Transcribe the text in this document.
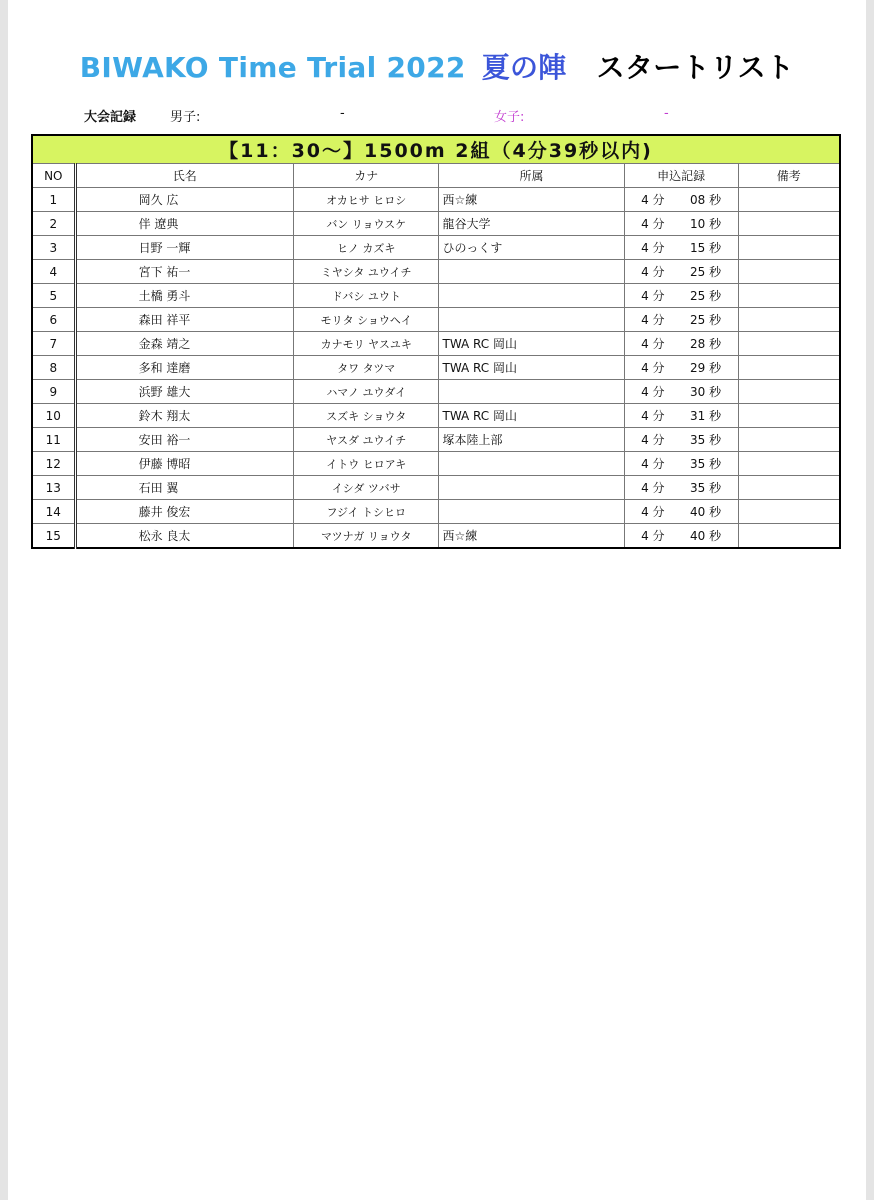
BIWAKO Time Trial 2022 夏の陣 スタートリスト
大会記録	男子:	-	女子:	-
【11：30～】1500m 2組（4分39秒以内)					
NO	氏名	カナ	所属	申込記録	備考
1	岡久 広	オカヒサ ヒロシ	西☆練	4 分 08 秒	
2	伴 遼典	バン リョウスケ	龍谷大学	4 分 10 秒	
3	日野 一輝	ヒノ カズキ	ひのっくす	4 分 15 秒	
4	宮下 祐一	ミヤシタ ユウイチ		4 分 25 秒	
5	土橋 勇斗	ドバシ ユウト		4 分 25 秒	
6	森田 祥平	モリタ ショウヘイ		4 分 25 秒	
7	金森 靖之	カナモリ ヤスユキ	TWA RC 岡山	4 分 28 秒	
8	多和 達磨	タワ タツマ	TWA RC 岡山	4 分 29 秒	
9	浜野 雄大	ハマノ ユウダイ		4 分 30 秒	
10	鈴木 翔太	スズキ ショウタ	TWA RC 岡山	4 分 31 秒	
11	安田 裕一	ヤスダ ユウイチ	塚本陸上部	4 分 35 秒	
12	伊藤 博昭	イトウ ヒロアキ		4 分 35 秒	
13	石田 翼	イシダ ツバサ		4 分 35 秒	
14	藤井 俊宏	フジイ トシヒロ		4 分 40 秒	
15	松永 良太	マツナガ リョウタ	西☆練	4 分 40 秒	
